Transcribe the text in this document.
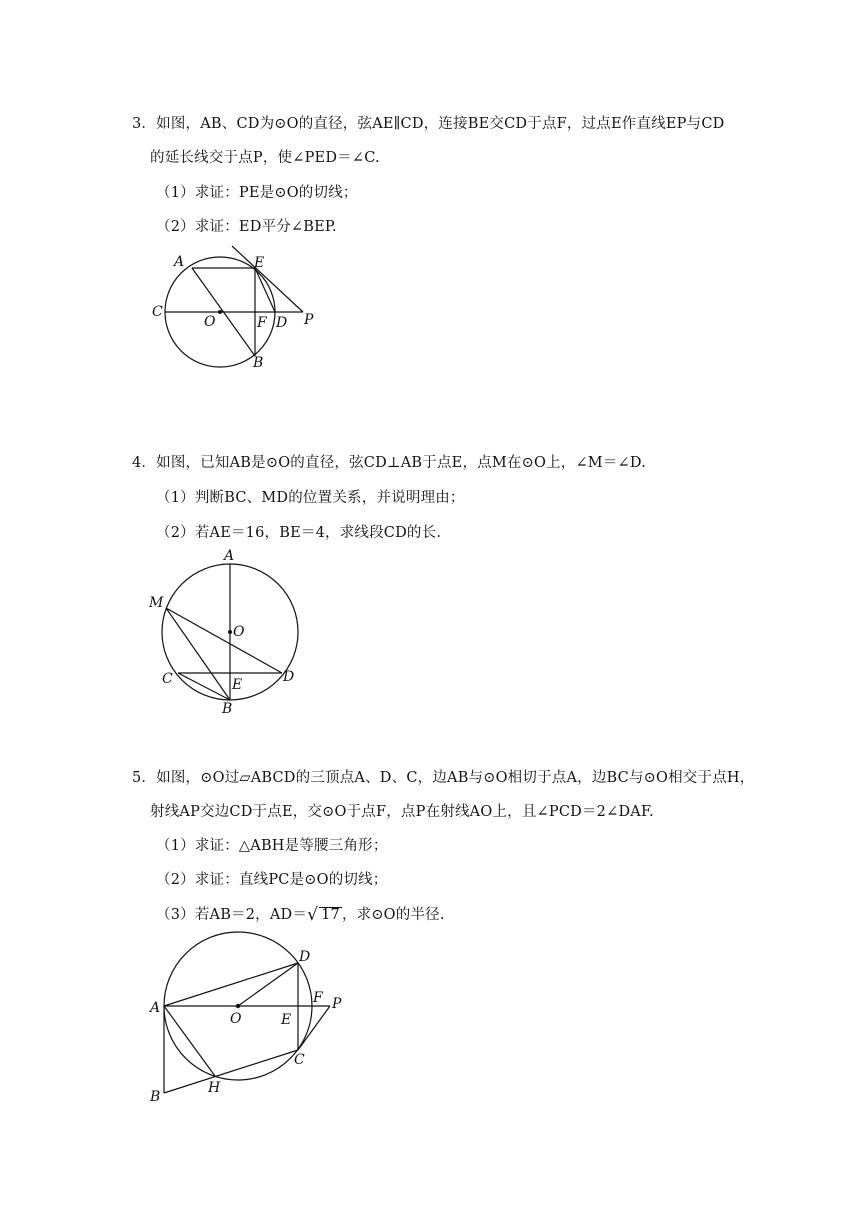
3．如图，AB、CD为⊙O的直径，弦AE∥CD，连接BE交CD于点F，过点E作直线EP与CD
的延长线交于点P，使∠PED＝∠C.
（1）求证：PE是⊙O的切线；
（2）求证：ED平分∠BEP.
A	E
C
O	F D P
B
4．如图，已知AB是⊙O的直径，弦CD⊥AB于点E，点M在⊙O上，∠M＝∠D.
（1）判断BC、MD的位置关系，并说明理由；
（2）若AE＝16，BE＝4，求线段CD的长.
A
M
O
C	E	D
B
5．如图，⊙O过▱ABCD的三顶点A、D、C，边AB与⊙O相切于点A，边BC与⊙O相交于点H，
射线AP交边CD于点E，交⊙O于点F，点P在射线AO上，且∠PCD＝2∠DAF.
（1）求证：△ABH是等腰三角形；
（2）求证：直线PC是⊙O的切线；
（3）若AB＝2，AD＝ √ 17 ，求⊙O的半径.
D
F P
A
O	E
C
B
H
